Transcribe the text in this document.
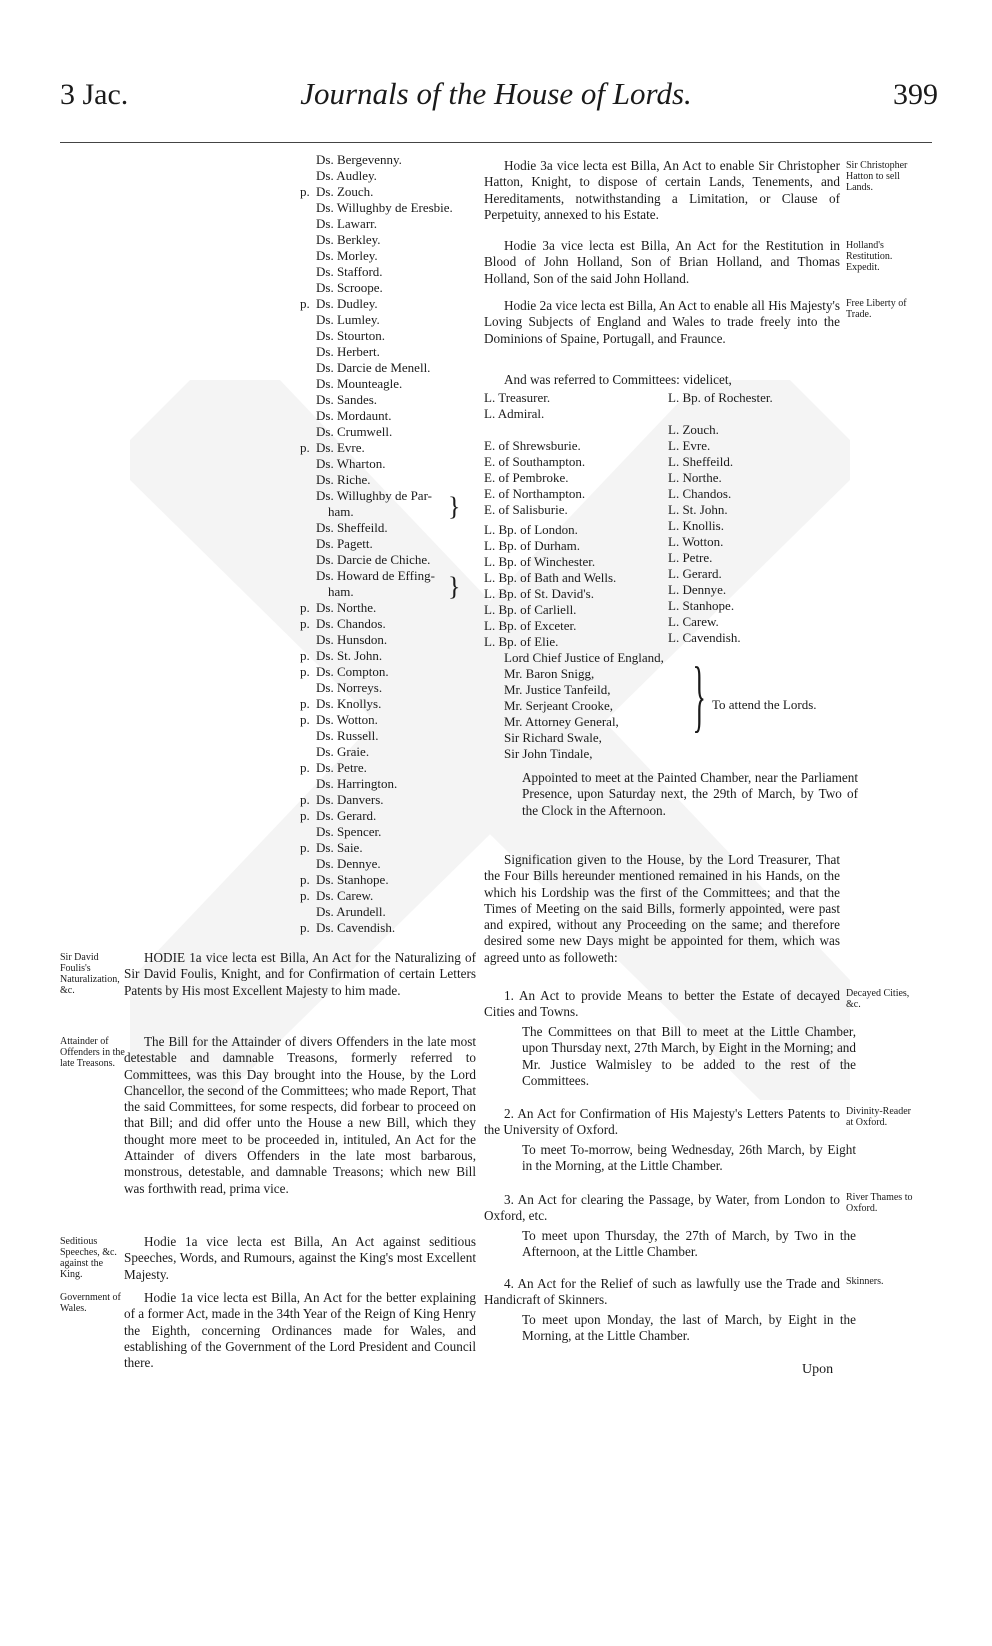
3 Jac.	Journals of the House of Lords.	399
Ds. Bergevenny.
Ds. Audley.
p. Ds. Zouch.
Ds. Willughby de Eresbie.
Ds. Lawarr.
Ds. Berkley.
Ds. Morley.
Ds. Stafford.
Ds. Scroope.
p. Ds. Dudley.
Ds. Lumley.
Ds. Stourton.
Ds. Herbert.
Ds. Darcie de Menell.
Ds. Mounteagle.
Ds. Sandes.
Ds. Mordaunt.
Ds. Crumwell.
p. Ds. Evre.
Ds. Wharton.
Ds. Riche.
Ds. Willughby de Par-
ham.
Ds. Sheffeild.
Ds. Pagett.
Ds. Darcie de Chiche.
Ds. Howard de Effing-
ham.
p. Ds. Northe.
p. Ds. Chandos.
Ds. Hunsdon.
p. Ds. St. John.
p. Ds. Compton.
Ds. Norreys.
p. Ds. Knollys.
p. Ds. Wotton.
Ds. Russell.
Ds. Graie.
p. Ds. Petre.
Ds. Harrington.
p. Ds. Danvers.
p. Ds. Gerard.
Ds. Spencer.
p. Ds. Saie.
Ds. Dennye.
p. Ds. Stanhope.
p. Ds. Carew.
Ds. Arundell.
p. Ds. Cavendish.
}
}
Sir David Foulis's Naturalization, &c.
Attainder of Offenders in the late Treasons.
Seditious Speeches, &c. against the King.
Government of Wales.
HODIE 1a vice lecta est Billa, An Act for the Naturalizing of Sir David Foulis, Knight, and for Confirmation of certain Letters Patents by His most Excellent Majesty to him made.
The Bill for the Attainder of divers Offenders in the late most detestable and damnable Treasons, formerly referred to Committees, was this Day brought into the House, by the Lord Chancellor, the second of the Committees; who made Report, That the said Committees, for some respects, did forbear to proceed on that Bill; and did offer unto the House a new Bill, which they thought more meet to be proceeded in, intituled, An Act for the Attainder of divers Offenders in the late most barbarous, monstrous, detestable, and damnable Treasons; which new Bill was forthwith read, prima vice.
Hodie 1a vice lecta est Billa, An Act against seditious Speeches, Words, and Rumours, against the King's most Excellent Majesty.
Hodie 1a vice lecta est Billa, An Act for the better explaining of a former Act, made in the 34th Year of the Reign of King Henry the Eighth, concerning Ordinances made for Wales, and establishing of the Government of the Lord President and Council there.
Sir Christopher Hatton to sell Lands.
Holland's Restitution. Expedit.
Free Liberty of Trade.
Decayed Cities, &c.
Divinity-Reader at Oxford.
River Thames to Oxford.
Skinners.
Hodie 3a vice lecta est Billa, An Act to enable Sir Christopher Hatton, Knight, to dispose of certain Lands, Tenements, and Hereditaments, notwithstanding a Limitation, or Clause of Perpetuity, annexed to his Estate.
Hodie 3a vice lecta est Billa, An Act for the Restitution in Blood of John Holland, Son of Brian Holland, and Thomas Holland, Son of the said John Holland.
Hodie 2a vice lecta est Billa, An Act to enable all His Majesty's Loving Subjects of England and Wales to trade freely into the Dominions of Spaine, Portugall, and Fraunce.
And was referred to Committees: videlicet,
L. Treasurer.
L. Admiral.
E. of Shrewsburie.
E. of Southampton.
E. of Pembroke.
E. of Northampton.
E. of Salisburie.
L. Bp. of London.
L. Bp. of Durham.
L. Bp. of Winchester.
L. Bp. of Bath and Wells.
L. Bp. of St. David's.
L. Bp. of Carliell.
L. Bp. of Exceter.
L. Bp. of Elie.
L. Bp. of Rochester.
L. Zouch.
L. Evre.
L. Sheffeild.
L. Northe.
L. Chandos.
L. St. John.
L. Knollis.
L. Wotton.
L. Petre.
L. Gerard.
L. Dennye.
L. Stanhope.
L. Carew.
L. Cavendish.
Lord Chief Justice of England,
Mr. Baron Snigg,
Mr. Justice Tanfeild,
Mr. Serjeant Crooke,
Mr. Attorney General,
Sir Richard Swale,
Sir John Tindale,
} To attend the Lords.
Appointed to meet at the Painted Chamber, near the Parliament Presence, upon Saturday next, the 29th of March, by Two of the Clock in the Afternoon.
Signification given to the House, by the Lord Treasurer, That the Four Bills hereunder mentioned remained in his Hands, on the which his Lordship was the first of the Committees; and that the Times of Meeting on the said Bills, formerly appointed, were past and expired, without any Proceeding on the same; and therefore desired some new Days might be appointed for them, which was agreed unto as followeth:
1. An Act to provide Means to better the Estate of decayed Cities and Towns.
The Committees on that Bill to meet at the Little Chamber, upon Thursday next, 27th March, by Eight in the Morning; and Mr. Justice Walmisley to be added to the rest of the Committees.
2. An Act for Confirmation of His Majesty's Letters Patents to the University of Oxford.
To meet To-morrow, being Wednesday, 26th March, by Eight in the Morning, at the Little Chamber.
3. An Act for clearing the Passage, by Water, from London to Oxford, etc.
To meet upon Thursday, the 27th of March, by Two in the Afternoon, at the Little Chamber.
4. An Act for the Relief of such as lawfully use the Trade and Handicraft of Skinners.
To meet upon Monday, the last of March, by Eight in the Morning, at the Little Chamber.
Upon
